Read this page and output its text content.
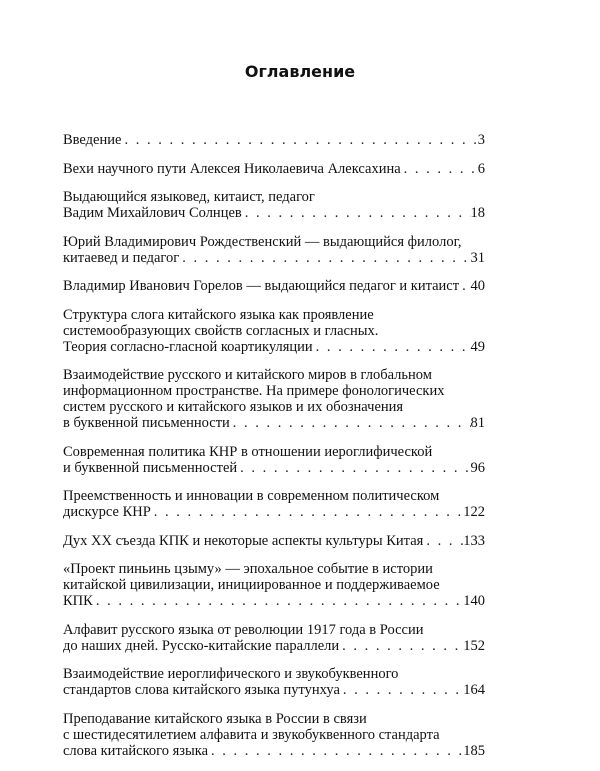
Оглавление
Введение . . .	3
Вехи научного пути Алексея Николаевича Алексахина . . .	6
Выдающийся языковед, китаист, педагог
Вадим Михайлович Солнцев . . .	18
Юрий Владимирович Рождественский — выдающийся филолог,
китаевед и педагог . . .	31
Владимир Иванович Горелов — выдающийся педагог и китаист . . . 40
Структура слога китайского языка как проявление
системообразующих свойств согласных и гласных.
Теория согласно-гласной коартикуляции . . .	49
Взаимодействие русского и китайского миров в глобальном
информационном пространстве. На примере фонологических
систем русского и китайского языков и их обозначения
в буквенной письменности . . .	81
Современная политика КНР в отношении иероглифической
и буквенной письменностей . . .	96
Преемственность и инновации в современном политическом
дискурсе КНР . . .	122
Дух XX съезда КПК и некоторые аспекты культуры Китая . . .	133
«Проект пиньинь цзыму» — эпохальное событие в истории
китайской цивилизации, инициированное и поддерживаемое
КПК . . .	140
Алфавит русского языка от революции 1917 года в России
до наших дней. Русско-китайские параллели . . .	152
Взаимодействие иероглифического и звукобуквенного
стандартов слова китайского языка путунхуа . . .	164
Преподавание китайского языка в России в связи
с шестидесятилетием алфавита и звукобуквенного стандарта
слова китайского языка . . .	185
